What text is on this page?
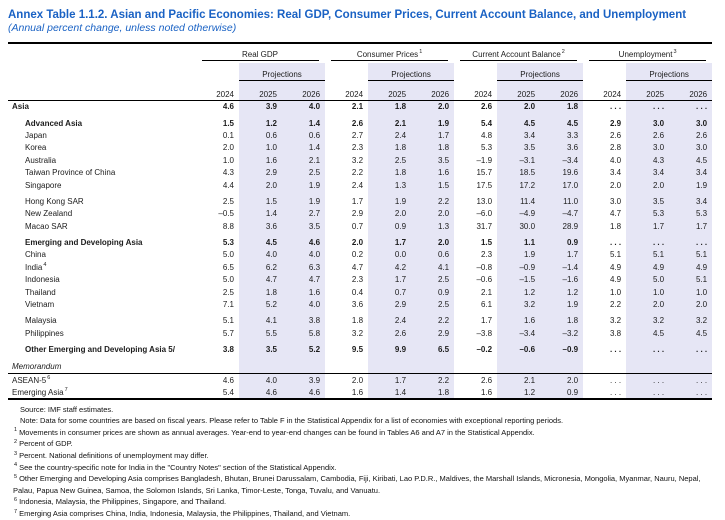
Annex Table 1.1.2. Asian and Pacific Economies: Real GDP, Consumer Prices, Current Account Balance, and Unemployment
(Annual percent change, unless noted otherwise)

	Real GDP			Consumer Prices$^1$			Current Account Balance$^2$			Unemployment$^3$

		Projections			Projections			Projections			Projections	
	2024	2025	2026	2024	2025	2026	2024	2025	2026	2024	2025	2026
Asia	4.6	3.9	4.0	2.1	1.8	2.0	2.6	2.0	1.8	. . .	. . .	. . .

Advanced Asia	1.5	1.2	1.4	2.6	2.1	1.9	5.4	4.5	4.5	2.9	3.0	3.0
Japan	0.1	0.6	0.6	2.7	2.4	1.7	4.8	3.4	3.3	2.6	2.6	2.6
Korea	2.0	1.0	1.4	2.3	1.8	1.8	5.3	3.5	3.6	2.8	3.0	3.0
Australia	1.0	1.6	2.1	3.2	2.5	3.5	–1.9	–3.1	–3.4	4.0	4.3	4.5
Taiwan Province of China	4.3	2.9	2.5	2.2	1.8	1.6	15.7	18.5	19.6	3.4	3.4	3.4
Singapore	4.4	2.0	1.9	2.4	1.3	1.5	17.5	17.2	17.0	2.0	2.0	1.9

Hong Kong SAR	2.5	1.5	1.9	1.7	1.9	2.2	13.0	11.4	11.0	3.0	3.5	3.4
New Zealand	–0.5	1.4	2.7	2.9	2.0	2.0	–6.0	–4.9	–4.7	4.7	5.3	5.3
Macao SAR	8.8	3.6	3.5	0.7	0.9	1.3	31.7	30.0	28.9	1.8	1.7	1.7

Emerging and Developing Asia	5.3	4.5	4.6	2.0	1.7	2.0	1.5	1.1	0.9	. . .	. . .	. . .
China	5.0	4.0	4.0	0.2	0.0	0.6	2.3	1.9	1.7	5.1	5.1	5.1
India$^4$	6.5	6.2	6.3	4.7	4.2	4.1	–0.8	–0.9	–1.4	4.9	4.9	4.9
Indonesia	5.0	4.7	4.7	2.3	1.7	2.5	–0.6	–1.5	–1.6	4.9	5.0	5.1
Thailand	2.5	1.8	1.6	0.4	0.7	0.9	2.1	1.2	1.2	1.0	1.0	1.0
Vietnam	7.1	5.2	4.0	3.6	2.9	2.5	6.1	3.2	1.9	2.2	2.0	2.0

Malaysia	5.1	4.1	3.8	1.8	2.4	2.2	1.7	1.6	1.8	3.2	3.2	3.2
Philippines	5.7	5.5	5.8	3.2	2.6	2.9	–3.8	–3.4	–3.2	3.8	4.5	4.5

Other Emerging and Developing Asia 5/	3.8	3.5	5.2	9.5	9.9	6.5	–0.2	–0.6	–0.9	. . .	. . .	. . .

Memorandum												
ASEAN-$5^6$	4.6	4.0	3.9	2.0	1.7	2.2	2.6	2.1	2.0	. . .	. . .	. . .
Emerging Asia$^7$	5.4	4.6	4.6	1.6	1.4	1.8	1.6	1.2	0.9	. . .	. . .	. . .
Source: IMF staff estimates.
Note: Data for some countries are based on fiscal years. Please refer to Table F in the Statistical Appendix for a list of economies with exceptional reporting periods.
$^1$ Movements in consumer prices are shown as annual averages. Year-end to year-end changes can be found in Tables A6 and A7 in the Statistical Appendix.
$^2$ Percent of GDP.
$^3$ Percent. National definitions of unemployment may differ.
$^4$ See the country-specific note for India in the "Country Notes" section of the Statistical Appendix.
$^5$ Other Emerging and Developing Asia comprises Bangladesh, Bhutan, Brunei Darussalam, Cambodia, Fiji, Kiribati, Lao P.D.R., Maldives, the Marshall Islands, Micronesia, Mongolia, Myanmar, Nauru, Nepal, Palau, Papua New Guinea, Samoa, the Solomon Islands, Sri Lanka, Timor-Leste, Tonga, Tuvalu, and Vanuatu.
$^6$ Indonesia, Malaysia, the Philippines, Singapore, and Thailand.
$^7$ Emerging Asia comprises China, India, Indonesia, Malaysia, the Philippines, Thailand, and Vietnam.
